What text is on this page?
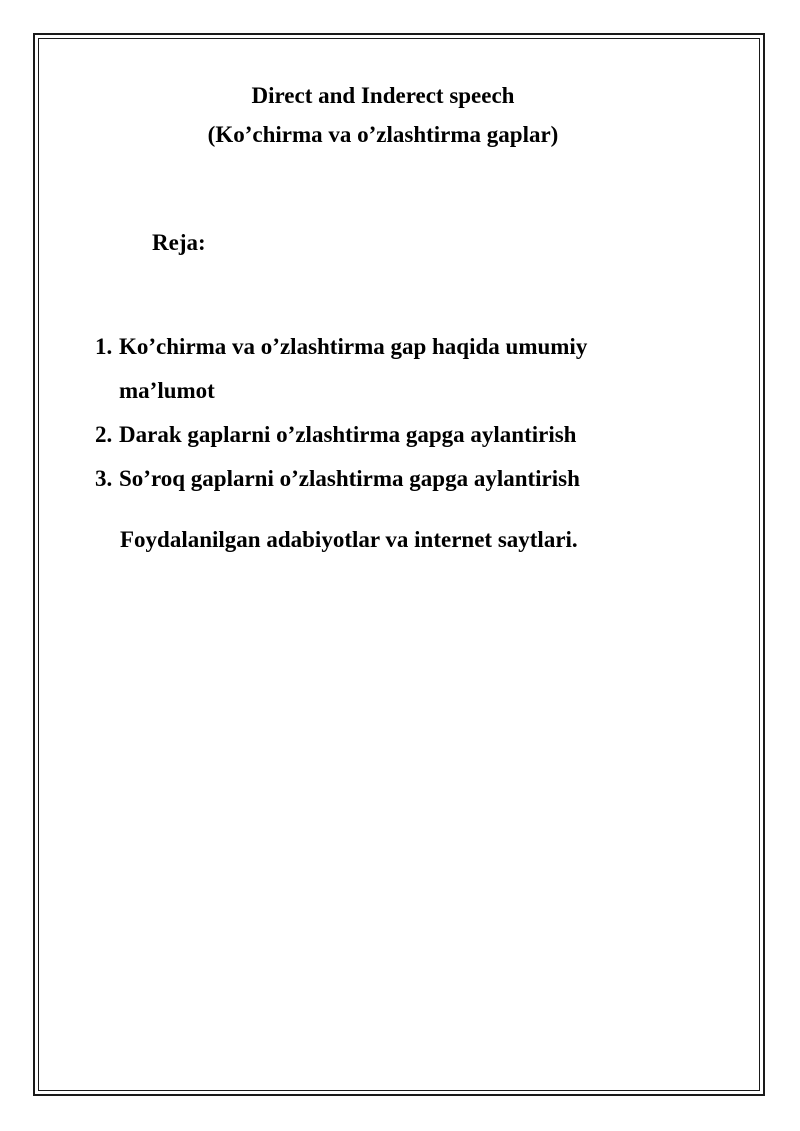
Direct and Inderect speech
(Ko’chirma va o’zlashtirma gaplar)
Reja:
1. Ko’chirma va o’zlashtirma gap haqida umumiy ma’lumot
2. Darak gaplarni o’zlashtirma gapga aylantirish
3. So’roq gaplarni o’zlashtirma gapga aylantirish
Foydalanilgan adabiyotlar va internet saytlari.
